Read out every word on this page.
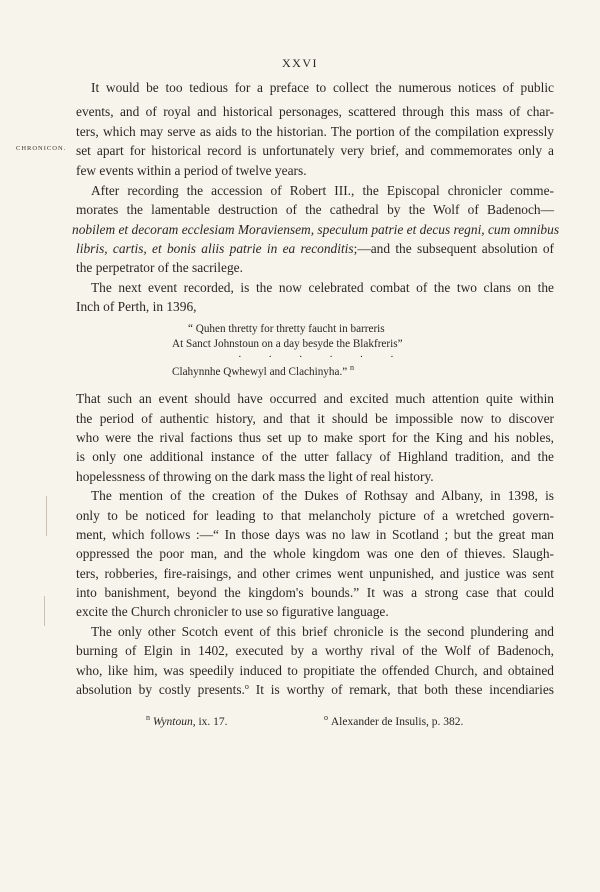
XXVI
CHRONICON.
It would be too tedious for a preface to collect the numerous notices of public
events, and of royal and historical personages, scattered through this mass of char-
ters, which may serve as aids to the historian. The portion of the compilation expressly
set apart for historical record is unfortunately very brief, and commemorates only a
few events within a period of twelve years.
After recording the accession of Robert III., the Episcopal chronicler comme-
morates the lamentable destruction of the cathedral by the Wolf of Badenoch—
nobilem et decoram ecclesiam Moraviensem, speculum patrie et decus regni, cum omnibus
libris, cartis, et bonis aliis patrie in ea reconditis;—and the subsequent absolution of
the perpetrator of the sacrilege.
The next event recorded, is the now celebrated combat of the two clans on the
Inch of Perth, in 1396,
“ Quhen thretty for thretty faucht in barreris
At Sanct Johnstoun on a day besyde the Blakfreris”
· · · · · ·
Clahynnhe Qwhewyl and Clachinyha.” $^n$
That such an event should have occurred and excited much attention quite within
the period of authentic history, and that it should be impossible now to discover
who were the rival factions thus set up to make sport for the King and his nobles,
is only one additional instance of the utter fallacy of Highland tradition, and the
hopelessness of throwing on the dark mass the light of real history.
The mention of the creation of the Dukes of Rothsay and Albany, in 1398, is
only to be noticed for leading to that melancholy picture of a wretched govern-
ment, which follows :—“ In those days was no law in Scotland ; but the great man
oppressed the poor man, and the whole kingdom was one den of thieves. Slaugh-
ters, robberies, fire-raisings, and other crimes went unpunished, and justice was sent
into banishment, beyond the kingdom's bounds.” It was a strong case that could
excite the Church chronicler to use so figurative language.
The only other Scotch event of this brief chronicle is the second plundering and
burning of Elgin in 1402, executed by a worthy rival of the Wolf of Badenoch,
who, like him, was speedily induced to propitiate the offended Church, and obtained
absolution by costly presents.$^o$ It is worthy of remark, that both these incendiaries
$^n$ Wyntoun, ix. 17.	$^o$ Alexander de Insulis, p. 382.
